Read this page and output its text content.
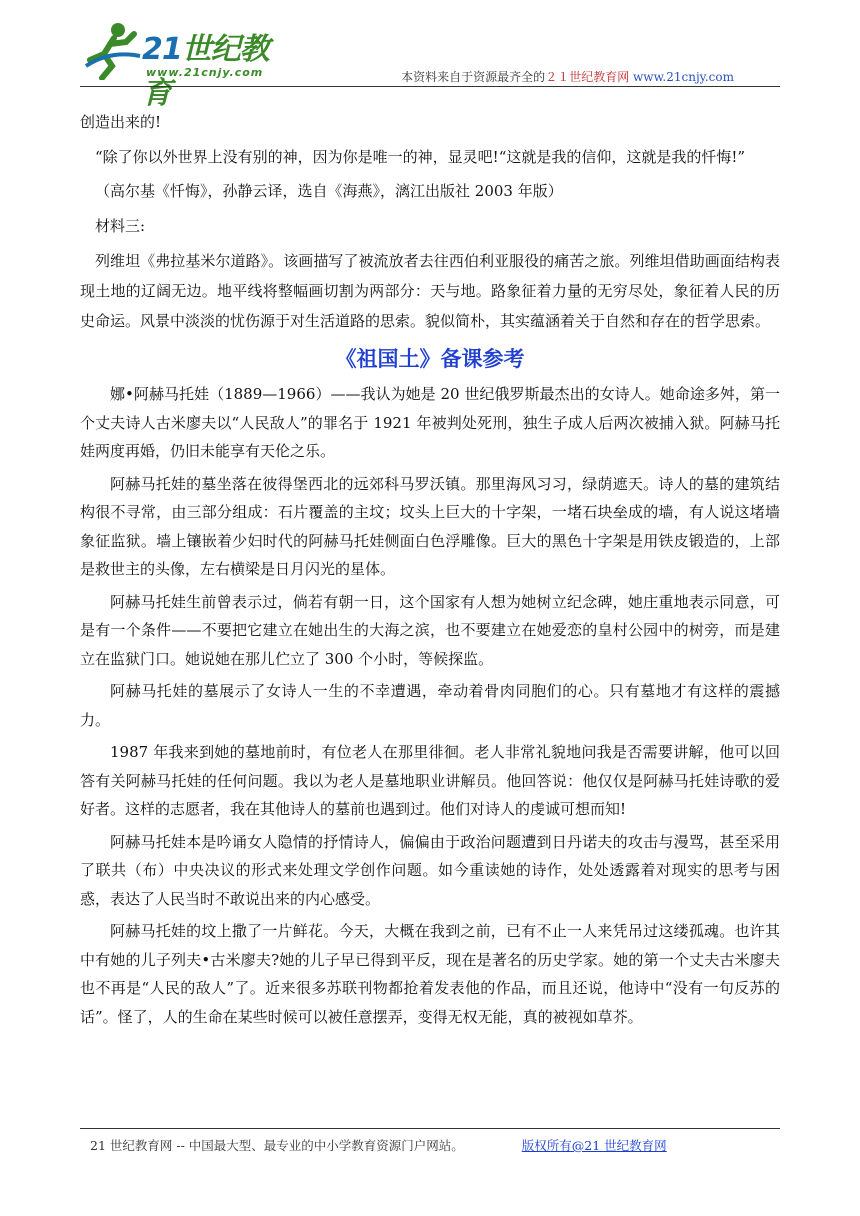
21世纪教育
www.21cnjy.com	本资料来自于资源最齐全的２１世纪教育网 www.21cnjy.com

创造出来的!

“除了你以外世界上没有别的神，因为你是唯一的神，显灵吧!“这就是我的信仰，这就是我的忏悔!”

（高尔基《忏悔》，孙静云译，选自《海燕》，漓江出版社 2003 年版）

材料三:

列维坦《弗拉基米尔道路》。该画描写了被流放者去往西伯利亚服役的痛苦之旅。列维坦借助画面结构表现土地的辽阔无边。地平线将整幅画切割为两部分：天与地。路象征着力量的无穷尽处，象征着人民的历史命运。风景中淡淡的忧伤源于对生活道路的思索。貌似简朴，其实蕴涵着关于自然和存在的哲学思索。

《祖国土》备课参考

娜•阿赫马托娃（1889—1966）——我认为她是 20 世纪俄罗斯最杰出的女诗人。她命途多舛，第一个丈夫诗人古米廖夫以“人民敌人”的罪名于 1921 年被判处死刑，独生子成人后两次被捕入狱。阿赫马托娃两度再婚，仍旧未能享有天伦之乐。

阿赫马托娃的墓坐落在彼得堡西北的远郊科马罗沃镇。那里海风习习，绿荫遮天。诗人的墓的建筑结构很不寻常，由三部分组成：石片覆盖的主坟；坟头上巨大的十字架，一堵石块垒成的墙，有人说这堵墙象征监狱。墙上镶嵌着少妇时代的阿赫马托娃侧面白色浮雕像。巨大的黑色十字架是用铁皮锻造的，上部是救世主的头像，左右横梁是日月闪光的星体。

阿赫马托娃生前曾表示过，倘若有朝一日，这个国家有人想为她树立纪念碑，她庄重地表示同意，可是有一个条件——不要把它建立在她出生的大海之滨，也不要建立在她爱恋的皇村公园中的树旁，而是建立在监狱门口。她说她在那儿伫立了 300 个小时，等候探监。

阿赫马托娃的墓展示了女诗人一生的不幸遭遇，牵动着骨肉同胞们的心。只有墓地才有这样的震撼力。

1987 年我来到她的墓地前时，有位老人在那里徘徊。老人非常礼貌地问我是否需要讲解，他可以回答有关阿赫马托娃的任何问题。我以为老人是墓地职业讲解员。他回答说：他仅仅是阿赫马托娃诗歌的爱好者。这样的志愿者，我在其他诗人的墓前也遇到过。他们对诗人的虔诚可想而知!

阿赫马托娃本是吟诵女人隐情的抒情诗人，偏偏由于政治问题遭到日丹诺夫的攻击与漫骂，甚至采用了联共（布）中央决议的形式来处理文学创作问题。如今重读她的诗作，处处透露着对现实的思考与困惑，表达了人民当时不敢说出来的内心感受。

阿赫马托娃的坟上撒了一片鲜花。今天，大概在我到之前，已有不止一人来凭吊过这缕孤魂。也许其中有她的儿子列夫•古米廖夫?她的儿子早已得到平反，现在是著名的历史学家。她的第一个丈夫古米廖夫也不再是“人民的敌人”了。近来很多苏联刊物都抢着发表他的作品，而且还说，他诗中“没有一句反苏的话”。怪了，人的生命在某些时候可以被任意摆弄，变得无权无能，真的被视如草芥。

21 世纪教育网 -- 中国最大型、最专业的中小学教育资源门户网站。	版权所有@21 世纪教育网
